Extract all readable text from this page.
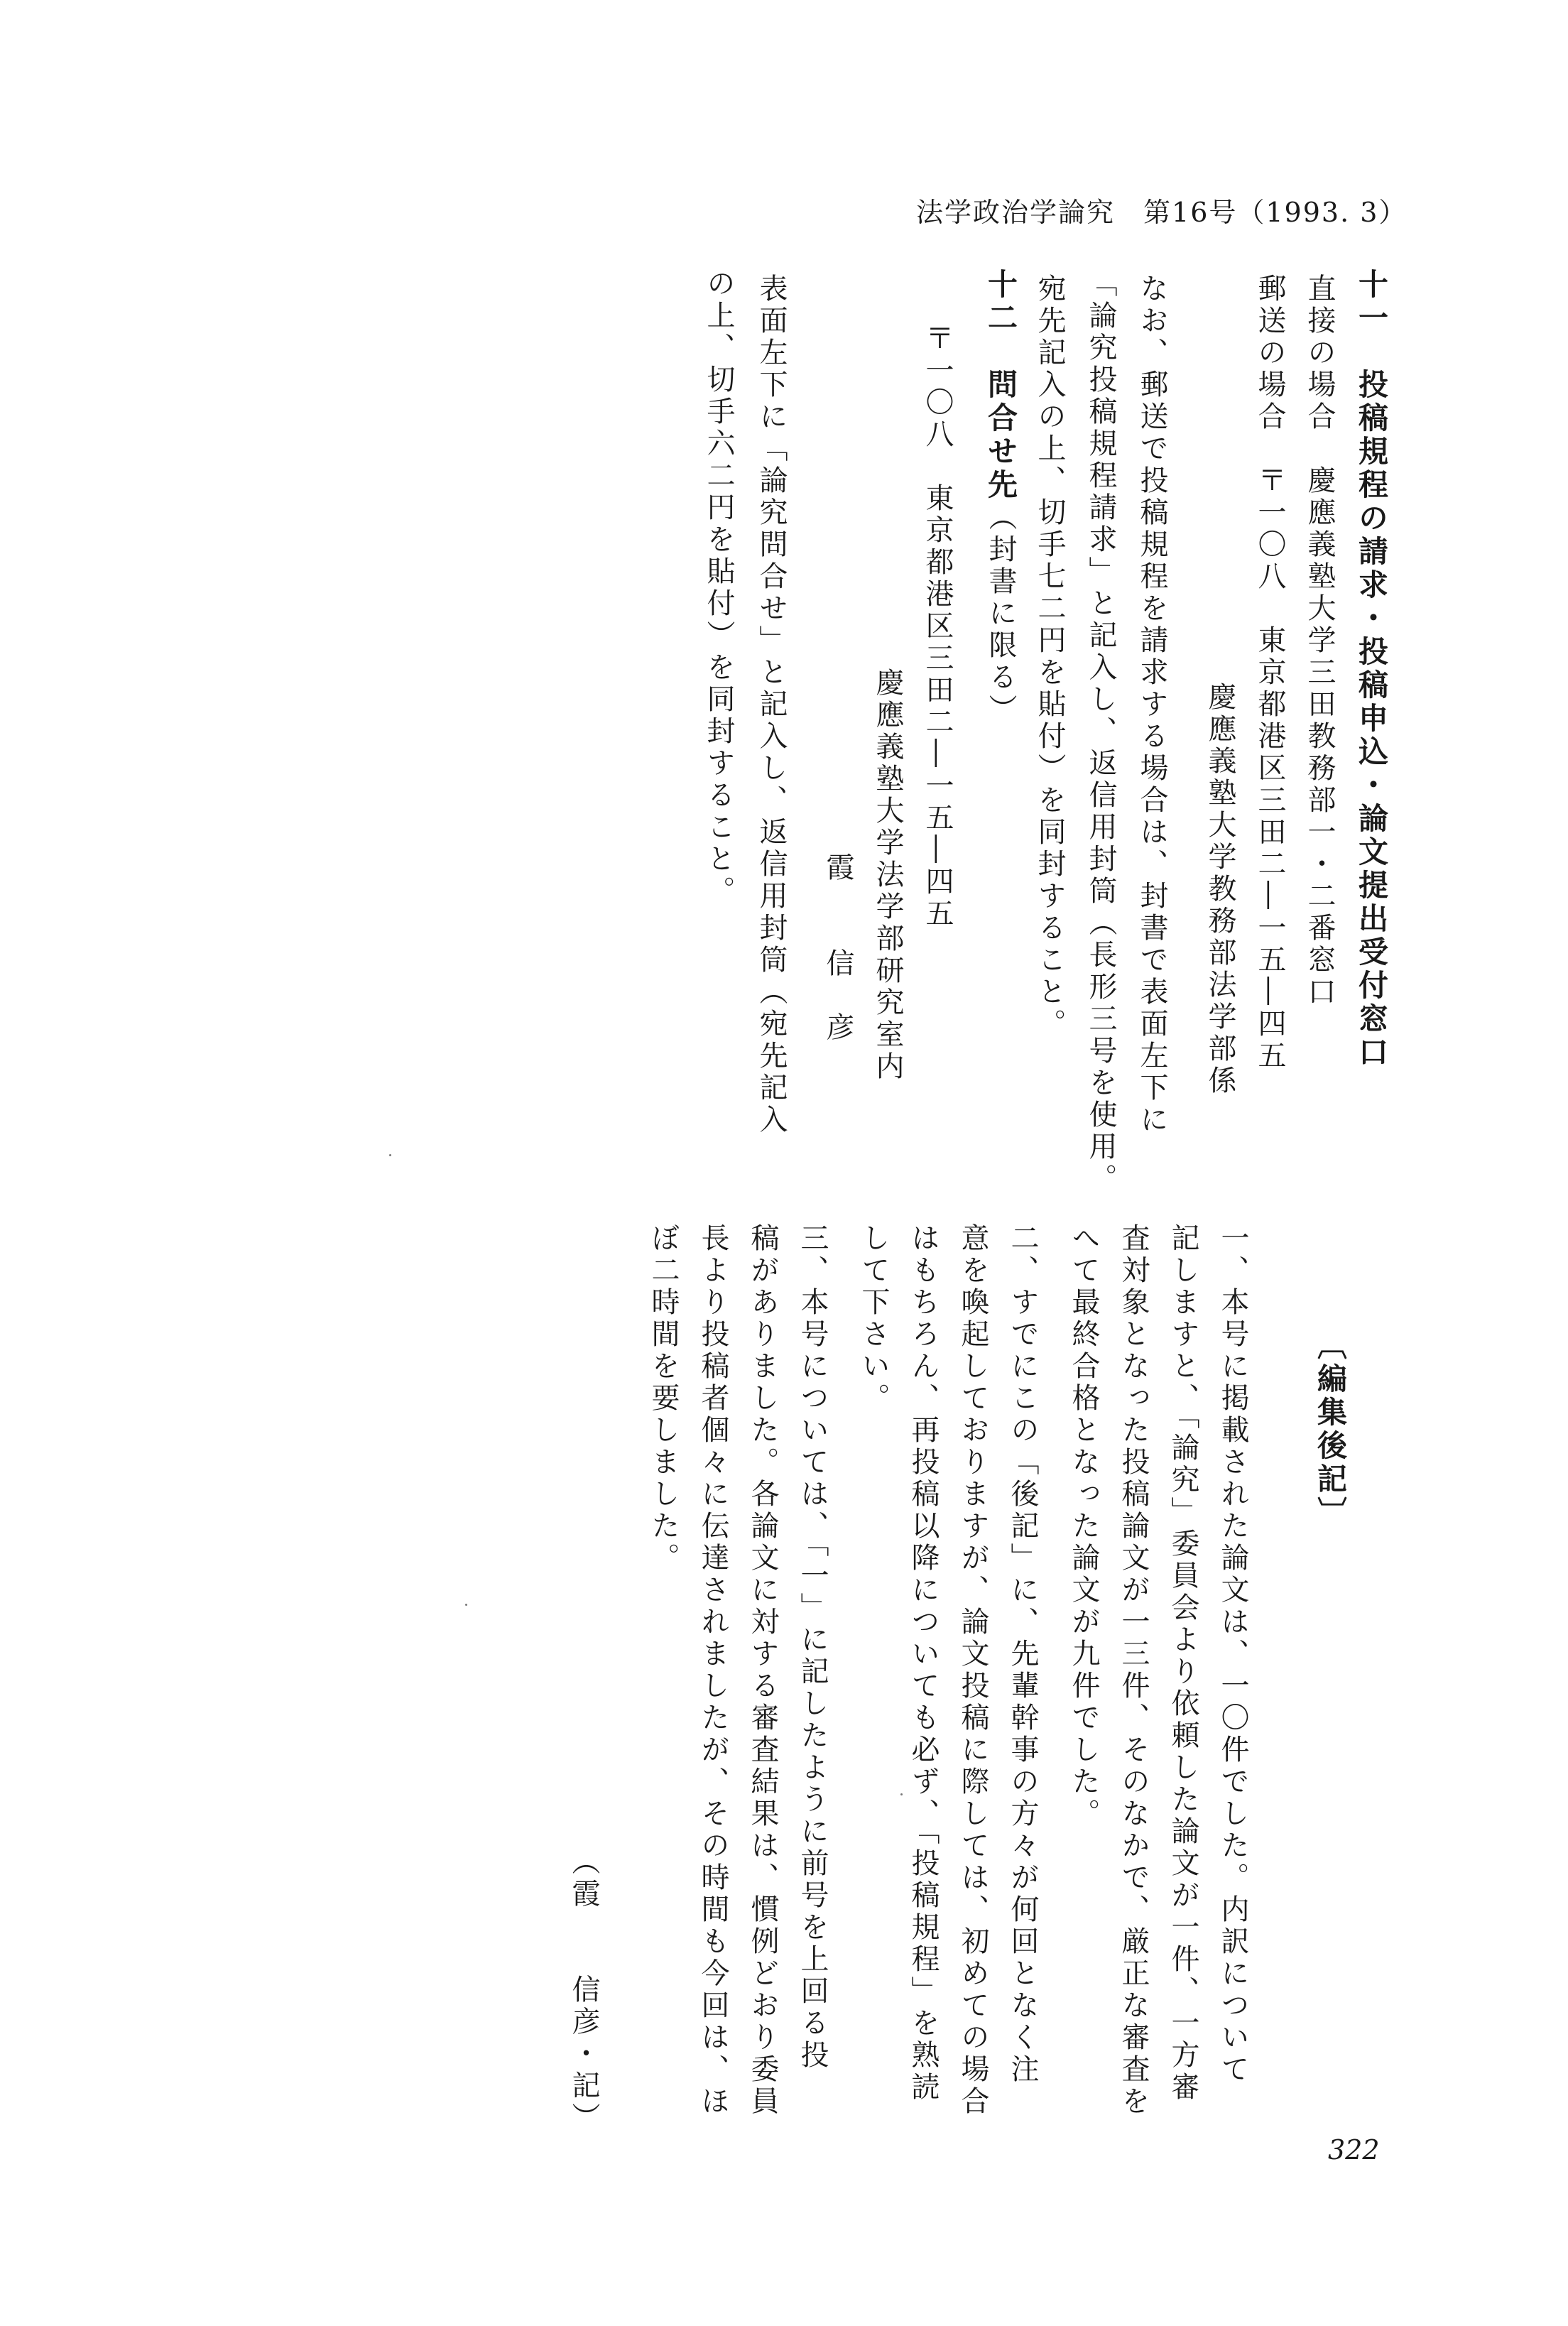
法学政治学論究　 第16号（1993. 3）
十一　投稿規程の請求・投稿申込・論文提出受付窓口
直接の場合　慶應義塾大学三田教務部一・二番窓口
郵送の場合　〒一〇八　東京都港区三田二―一五―四五
慶應義塾大学教務部法学部係
なお、郵送で投稿規程を請求する場合は、封書で表面左下に
「論究投稿規程請求」と記入し、返信用封筒（長形三号を使用。
宛先記入の上、切手七二円を貼付）を同封すること。
十二　問合せ先（封書に限る）
〒一〇八　東京都港区三田二―一五―四五
慶應義塾大学法学部研究室内
霞　　信　彦
表面左下に「論究問合せ」と記入し、返信用封筒（宛先記入
の上、切手六二円を貼付）を同封すること。
〔編集後記〕
一、本号に掲載された論文は、一〇件でした。内訳について
記しますと、「論究」委員会より依頼した論文が一件、一方審
査対象となった投稿論文が一三件、そのなかで、厳正な審査を
へて最終合格となった論文が九件でした。
二、すでにこの「後記」に、先輩幹事の方々が何回となく注
意を喚起しておりますが、論文投稿に際しては、初めての場合
はもちろん、再投稿以降についても必ず、「投稿規程」を熟読
して下さい。
三、本号については、「一」に記したように前号を上回る投
稿がありました。各論文に対する審査結果は、慣例どおり委員
長より投稿者個々に伝達されましたが、その時間も今回は、ほ
ぼ二時間を要しました。
（霞　　信彦・記）
322
